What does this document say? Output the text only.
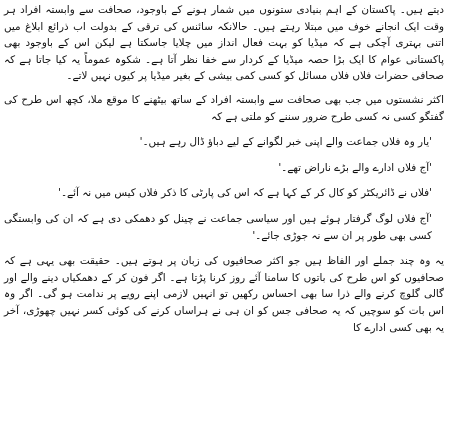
دیتے ہیں۔ پاکستان کے اہم بنیادی ستونوں میں شمار ہونے کے باوجود، صحافت سے وابستہ افراد ہر وقت ایک انجانے خوف میں مبتلا رہتے ہیں۔ حالانکہ سائنس کی ترقی کے بدولت اب ذرائع ابلاغ میں اتنی بہتری آچکی ہے کہ میڈیا کو بہت فعال انداز میں چلایا جاسکتا ہے لیکن اس کے باوجود بھی پاکستانی عوام کا ایک بڑا حصہ میڈیا کے کردار سے خفا نظر آتا ہے۔ شکوہ عموماً یہ کیا جاتا ہے کہ صحافی حضرات فلاں فلاں مسائل کو کسی کمی بیشی کے بغیر میڈیا پر کیوں نہیں لاتے۔

اکثر نشستوں میں جب بھی صحافت سے وابستہ افراد کے ساتھ بیٹھنے کا موقع ملا، کچھ اس طرح کی گفتگو کسی نہ کسی طرح ضرور سننے کو ملتی ہے کہ

'یار وہ فلاں جماعت والے اپنی خبر لگوانے کے لیے دباؤ ڈال رہے ہیں۔'

'آج فلاں ادارے والے بڑے ناراض تھے۔'

'فلاں نے ڈائریکٹر کو کال کر کے کہا ہے کہ اس کی پارٹی کا ذکر فلاں کیس میں نہ آئے۔'

'آج فلاں لوگ گرفتار ہوئے ہیں اور سیاسی جماعت نے چینل کو دھمکی دی ہے کہ ان کی وابستگی کسی بھی طور پر ان سے نہ جوڑی جائے۔'

یہ وہ چند جملے اور الفاظ ہیں جو اکثر صحافیوں کی زبان پر ہوتے ہیں۔ حقیقت بھی یہی ہے کہ صحافیوں کو اس طرح کی باتوں کا سامنا آئے روز کرنا پڑتا ہے۔ اگر فون کر کے دھمکیاں دینے والے اور گالی گلوچ کرنے والے ذرا سا بھی احساس رکھیں تو انہیں لازمی اپنے رویے پر ندامت ہو گی۔ اگر وہ اس بات کو سوچیں کہ یہ صحافی جس کو ان ہی نے ہراساں کرنے کی کوئی کسر نہیں چھوڑی، آخر یہ بھی کسی ادارے کا
